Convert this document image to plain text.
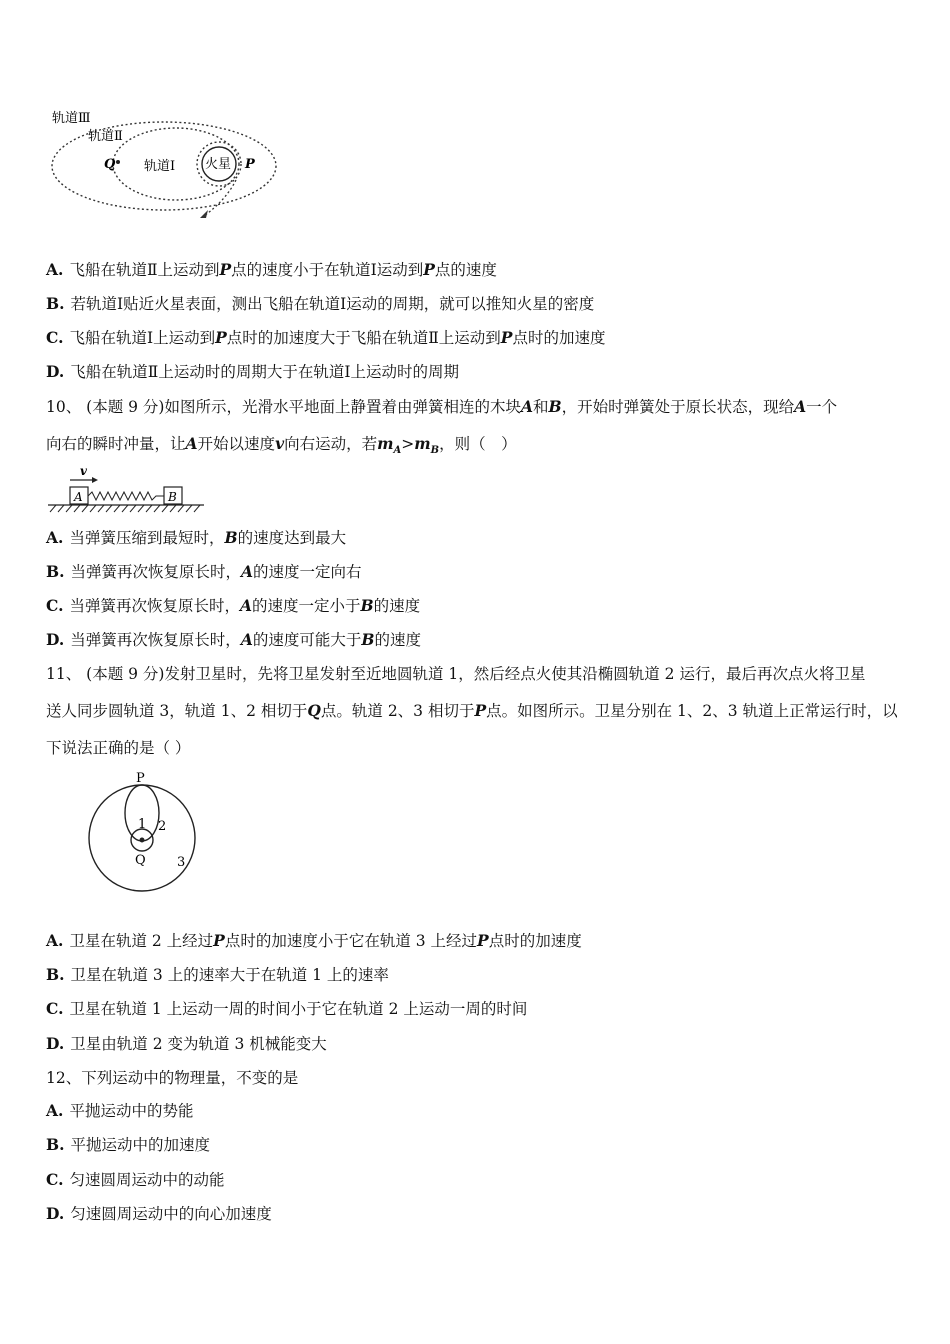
轨道Ⅲ
轨道Ⅱ
轨道Ⅰ 火星
Q	P
A. 飞船在轨道Ⅱ上运动到P点的速度小于在轨道Ⅰ运动到P点的速度
B. 若轨道Ⅰ贴近火星表面，测出飞船在轨道Ⅰ运动的周期，就可以推知火星的密度
C. 飞船在轨道Ⅰ上运动到P点时的加速度大于飞船在轨道Ⅱ上运动到P点时的加速度
D. 飞船在轨道Ⅱ上运动时的周期大于在轨道Ⅰ上运动时的周期
10、 (本题 9 分)如图所示，光滑水平地面上静置着由弹簧相连的木块A和B，开始时弹簧处于原长状态，现给A一个
向右的瞬时冲量，让A开始以速度v向右运动，若$m_A>m_B$，则（　）
v
A	B
A. 当弹簧压缩到最短时，B的速度达到最大
B. 当弹簧再次恢复原长时，A的速度一定向右
C. 当弹簧再次恢复原长时，A的速度一定小于B的速度
D. 当弹簧再次恢复原长时，A的速度可能大于B的速度
11、 (本题 9 分)发射卫星时，先将卫星发射至近地圆轨道 1，然后经点火使其沿椭圆轨道 2 运行，最后再次点火将卫星
送人同步圆轨道 3，轨道 1、2 相切于Q点。轨道 2、3 相切于P点。如图所示。卫星分别在 1、2、3 轨道上正常运行时，以
下说法正确的是（ ）
P
Q
1 2
3
A. 卫星在轨道 2 上经过P点时的加速度小于它在轨道 3 上经过P点时的加速度
B. 卫星在轨道 3 上的速率大于在轨道 1 上的速率
C. 卫星在轨道 1 上运动一周的时间小于它在轨道 2 上运动一周的时间
D. 卫星由轨道 2 变为轨道 3 机械能变大
12、下列运动中的物理量，不变的是
A. 平抛运动中的势能
B. 平抛运动中的加速度
C. 匀速圆周运动中的动能
D. 匀速圆周运动中的向心加速度
